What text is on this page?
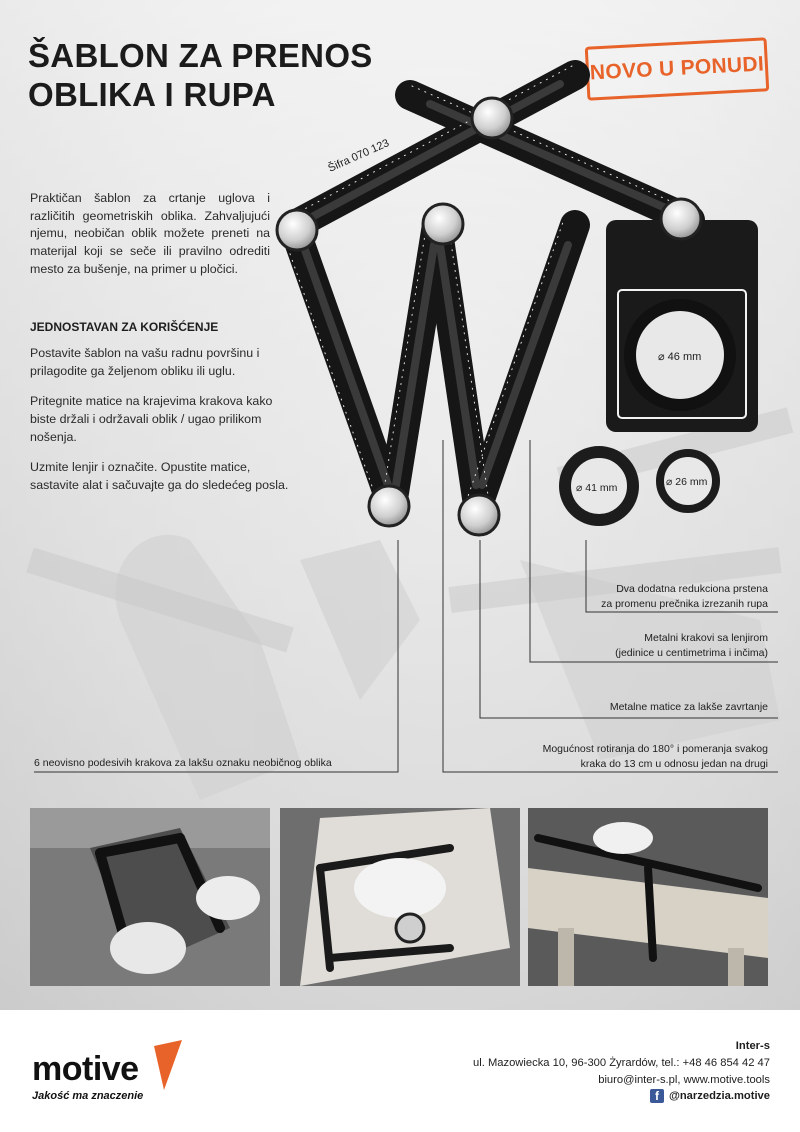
ŠABLON ZA PRENOS
OBLIKA I RUPA
NOVO U PONUDI

Praktičan šablon za crtanje uglova i različitih geometriskih oblika. Zahvaljujući njemu, neobičan oblik možete preneti na materijal koji se seče ili pravilno odrediti mesto za bušenje, na primer u pločici.

JEDNOSTAVAN ZA KORIŠĆENJE

Postavite šablon na vašu radnu površinu i prilagodite ga željenom obliku ili uglu.

Pritegnite matice na krajevima krakova kako biste držali i održavali oblik / ugao prilikom nošenja.

Uzmite lenjir i označite. Opustite matice, sastavite alat i sačuvajte ga do sledećeg posla.

Šifra 070 123
⌀ 46 mm
⌀ 41 mm	⌀ 26 mm
Dva dodatna redukciona prstena
za promenu prečnika izrezanih rupa
Metalni krakovi sa lenjirom
(jedinice u centimetrima i inčima)
Metalne matice za lakše zavrtanje
Mogućnost rotiranja do 180° i pomeranja svakog
kraka do 13 cm u odnosu jedan na drugi
6 neovisno podesivih krakova za lakšu oznaku neobičnog oblika
motive
Jakość ma znaczenie
Inter-s
ul. Mazowiecka 10, 96-300 Żyrardów, tel.: +48 46 854 42 47
biuro@inter-s.pl, www.motive.tools
f @narzedzia.motive
